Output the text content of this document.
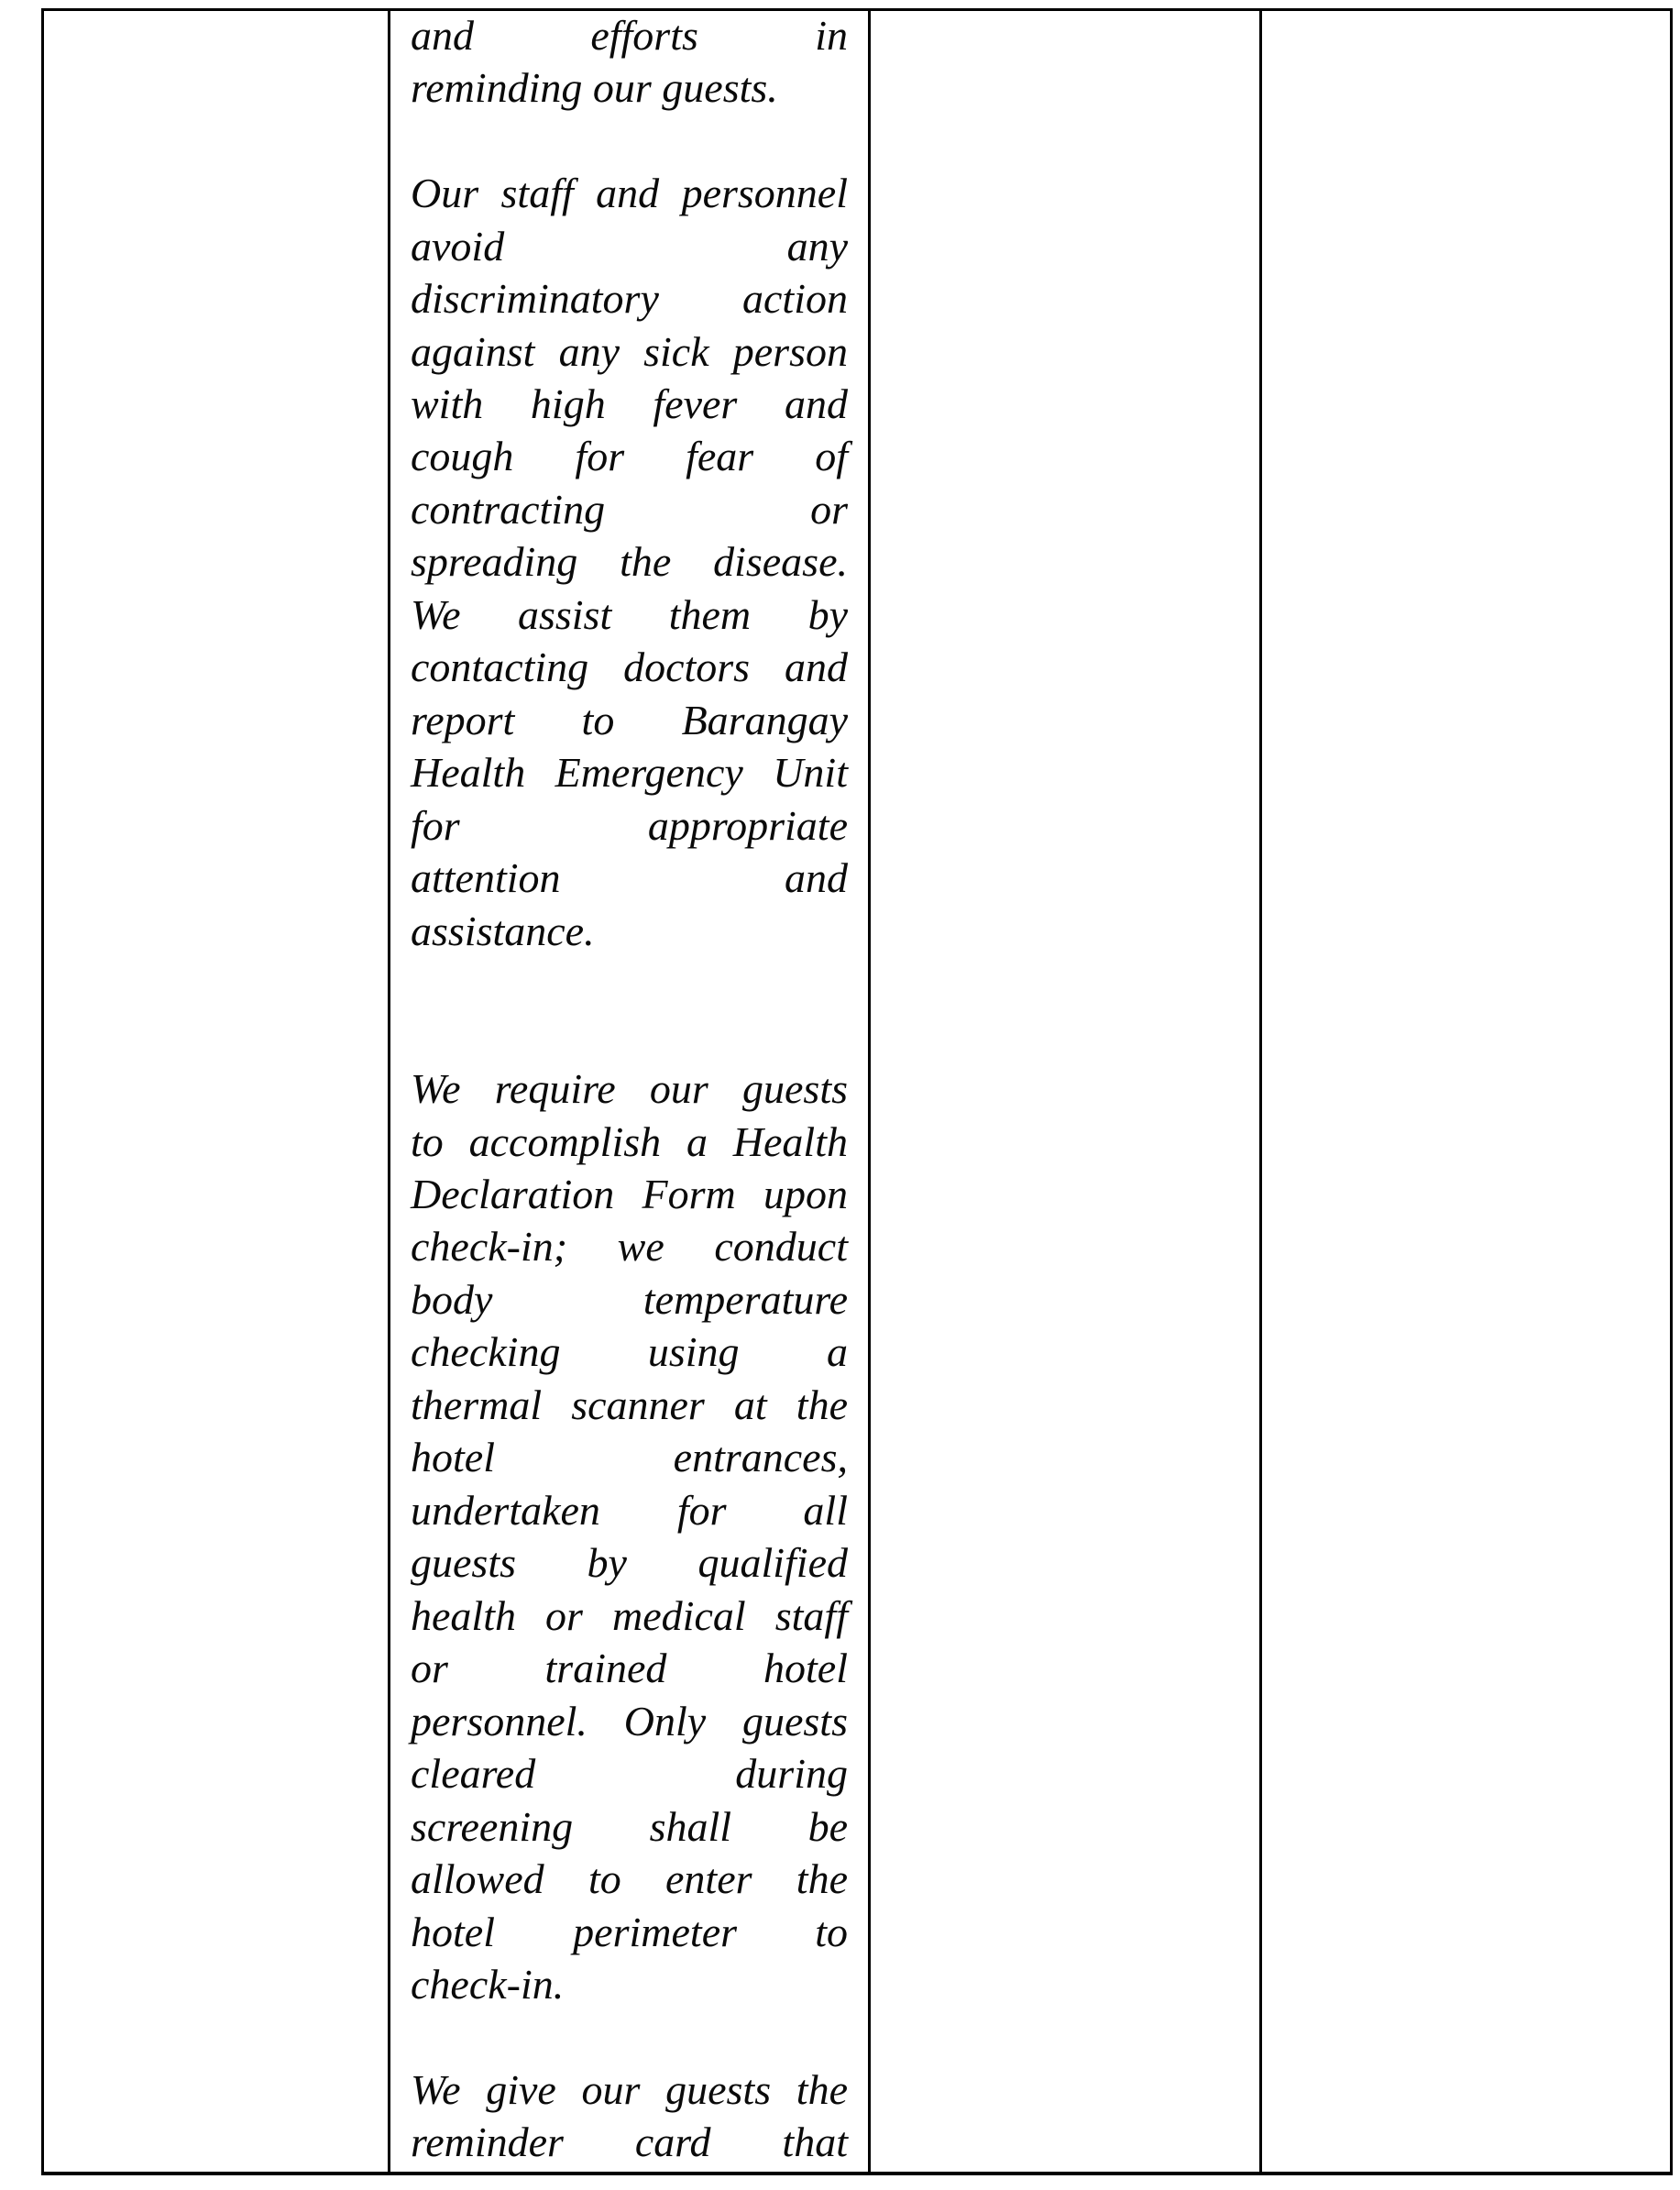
and efforts in
reminding our guests.
Our staff and personnel
avoid any
discriminatory action
against any sick person
with high fever and
cough for fear of
contracting or
spreading the disease.
We assist them by
contacting doctors and
report to Barangay
Health Emergency Unit
for appropriate
attention and
assistance.
We require our guests
to accomplish a Health
Declaration Form upon
check-in; we conduct
body temperature
checking using a
thermal scanner at the
hotel entrances,
undertaken for all
guests by qualified
health or medical staff
or trained hotel
personnel. Only guests
cleared during
screening shall be
allowed to enter the
hotel perimeter to
check-in.
We give our guests the
reminder card that
